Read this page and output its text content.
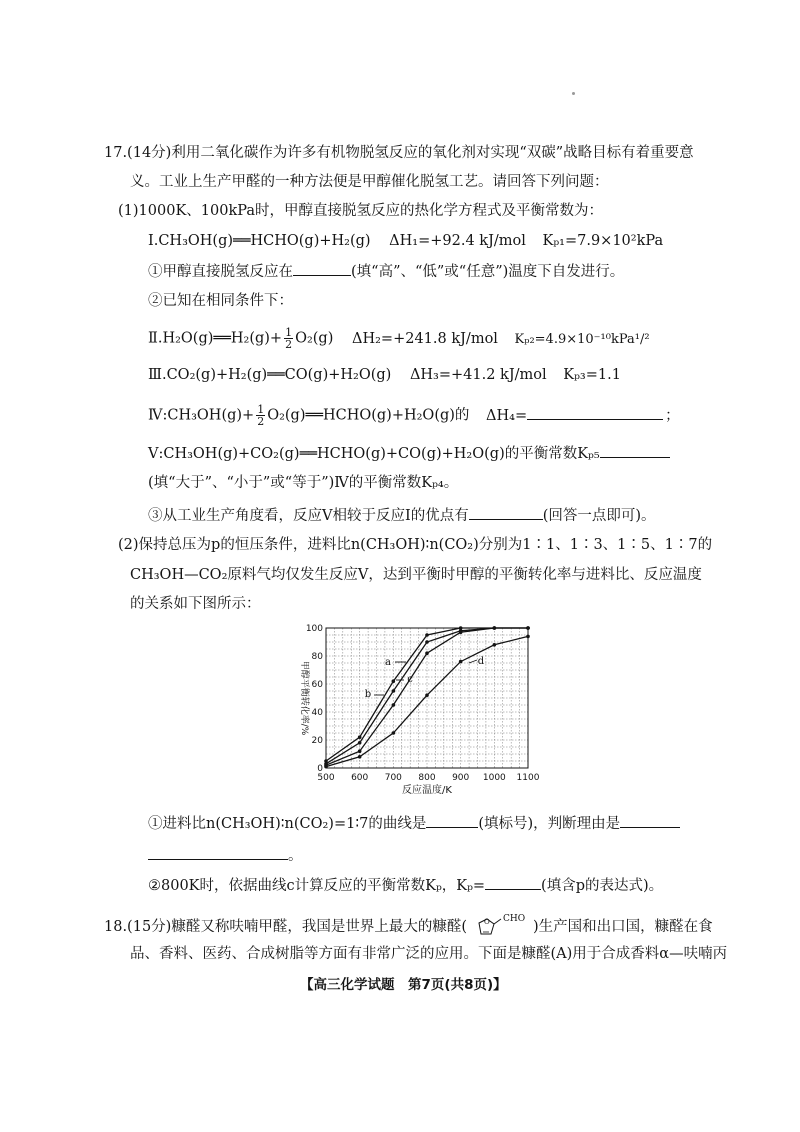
17.(14分)利用二氧化碳作为许多有机物脱氢反应的氧化剂对实现“双碳”战略目标有着重要意
义。工业上生产甲醛的一种方法便是甲醇催化脱氢工艺。请回答下列问题：
(1)1000K、100kPa时，甲醇直接脱氢反应的热化学方程式及平衡常数为：
Ⅰ.CH₃OH(g)══HCHO(g)+H₂(g) ΔH₁=+92.4 kJ/mol Kₚ₁=7.9×10²kPa
①甲醇直接脱氢反应在	(填“高”、“低”或“任意”)温度下自发进行。
②已知在相同条件下：
Ⅱ.H₂O(g)══H₂(g)+ $\frac{1}{2} O_2(g)$ ΔH₂=+241.8 kJ/mol Kₚ₂=4.9×10⁻¹⁰kPa¹/²
Ⅲ.CO₂(g)+H₂(g)══CO(g)+H₂O(g) ΔH₃=+41.2 kJ/mol Kₚ₃=1.1
Ⅳ:CH₃OH(g)+ $\frac{1}{2}$ O₂(g)══HCHO(g)+H₂O(g)的 ΔH₄=	；
Ⅴ:CH₃OH(g)+CO₂(g)══HCHO(g)+CO(g)+H₂O(g)的平衡常数Kₚ₅
(填“大于”、“小于”或“等于”)Ⅳ的平衡常数Kₚ₄。
③从工业生产角度看，反应Ⅴ相较于反应Ⅰ的优点有	(回答一点即可)。
(2)保持总压为p的恒压条件，进料比n(CH₃OH)∶n(CO₂)分别为1∶1、1∶3、1∶5、1∶7的
CH₃OH—CO₂原料气均仅发生反应Ⅴ，达到平衡时甲醇的平衡转化率与进料比、反应温度
的关系如下图所示：
500 600 700 800 900 1000 1100
0
20
40
60
80
100
反应温度/K
甲醇平衡转化率/%	a
b
c
d
①进料比n(CH₃OH)∶n(CO₂)=1∶7的曲线是	(填标号)，判断理由是
。
②800K时，依据曲线c计算反应的平衡常数Kₚ，Kₚ=	(填含p的表达式)。
18.(15分)糠醛又称呋喃甲醛，我国是世界上最大的糠醛( O CHO )生产国和出口国，糠醛在食
品、香料、医药、合成树脂等方面有非常广泛的应用。下面是糠醛(A)用于合成香料α—呋喃丙
【高三化学试题　第7页(共8页)】
